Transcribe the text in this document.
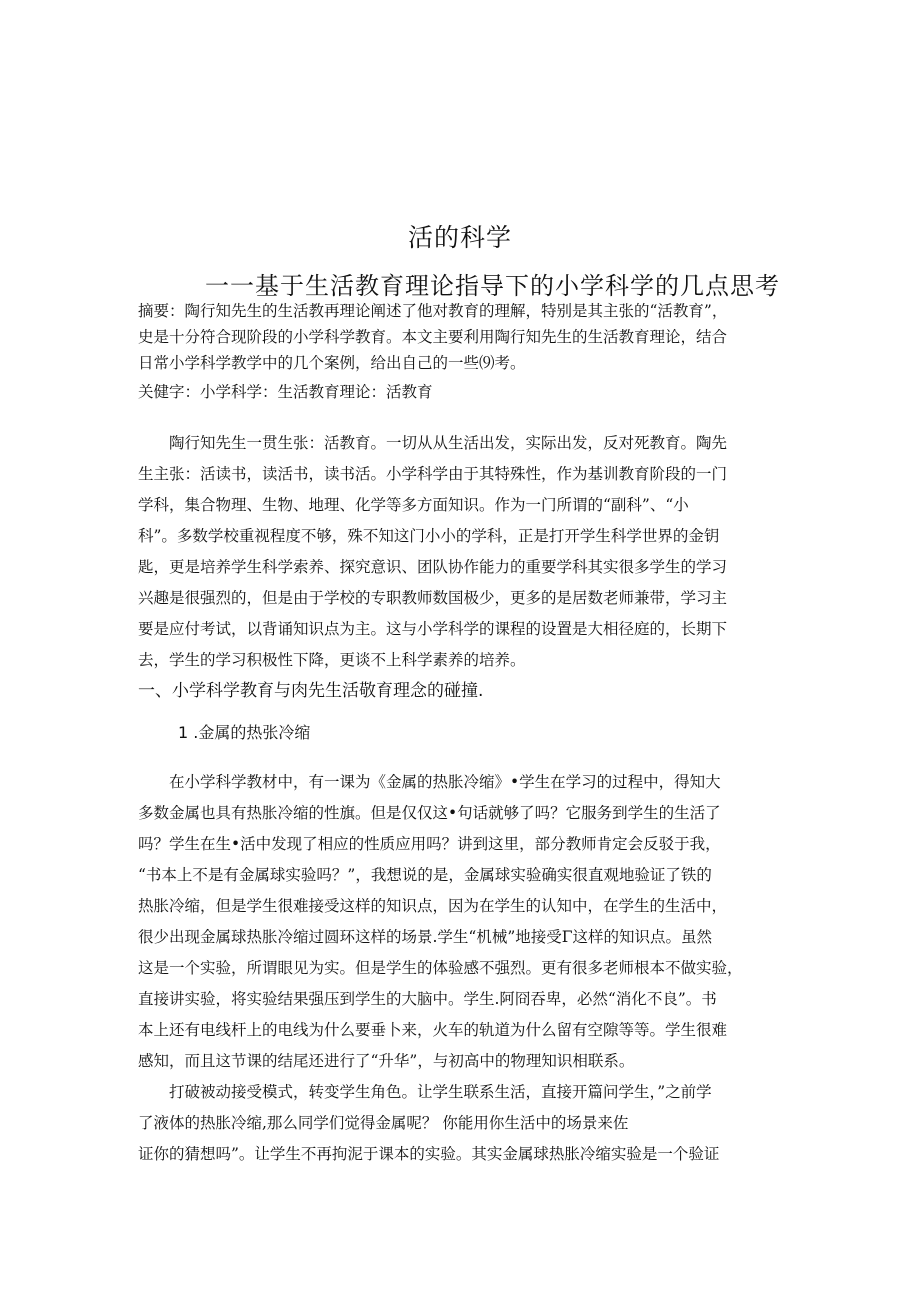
活的科学
一一基于生活教育理论指导下的小学科学的几点思考
摘要：陶行知先生的生活教再理论阐述了他对教育的理解，特别是其主张的“活教育”，
史是十分符合现阶段的小学科学教育。本文主要利用陶行知先生的生活教育理论，结合
日常小学科学教学中的几个案例，给出自己的一些⑼考。
关健字：小学科学：生活教育理论：活教育
陶行知先生一贯生张：活教育。一切从从生活出发，实际出发，反对死教育。陶先
生主张：活读书，读活书，读书活。小学科学由于其特殊性，作为基训教育阶段的一门
学科，集合物理、生物、地理、化学等多方面知识。作为一门所谓的“副科”、“小
科”。多数学校重视程度不够，殊不知这门小小的学科，正是打开学生科学世界的金钥
匙，更是培养学生科学索养、探究意识、团队协作能力的重要学科其实很多学生的学习
兴趣是很强烈的，但是由于学校的专职教师数国极少，更多的是居数老师兼带，学习主
要是应付考试，以背诵知识点为主。这与小学科学的课程的设置是大相径庭的，长期下
去，学生的学习积极性下降，更谈不上科学素养的培养。
一、小学科学教育与肉先生活敬育理念的碰撞.
1 .金属的热张冷缩
在小学科学教材中，有一课为《金属的热胀冷缩》•学生在学习的过程中，得知大
多数金属也具有热胀冷缩的性旗。但是仅仅这•句话就够了吗？它服务到学生的生活了
吗？学生在生•活中发现了相应的性质应用吗？讲到这里，部分教师肯定会反驳于我，
“书本上不是有金属球实验吗？”，我想说的是，金属球实验确实很直观地验证了铁的
热胀冷缩，但是学生很难接受这样的知识点，因为在学生的认知中，在学生的生活中，
很少出现金属球热胀冷缩过圆环这样的场景.学生“机械”地接受Γ这样的知识点。虽然
这是一个实验，所谓眼见为实。但是学生的体验感不强烈。更有很多老师根本不做实验，
直接讲实验，将实验结果强压到学生的大脑中。学生.阿冏吞卑，必然“消化不良”。书
本上还有电线杆上的电线为什么要垂卜来，火车的轨道为什么留有空隙等等。学生很难
感知，而且这节课的结尾还进行了“升华”，与初高中的物理知识相联系。
打破被动接受模式，转变学生角色。让学生联系生活，直接开篇问学生，”之前学
了液体的热胀冷缩,那么同学们觉得金属呢？ 你能用你生活中的场景来佐
证你的猜想吗”。让学生不再拘泥于课本的实验。其实金属球热胀冷缩实验是一个验证
